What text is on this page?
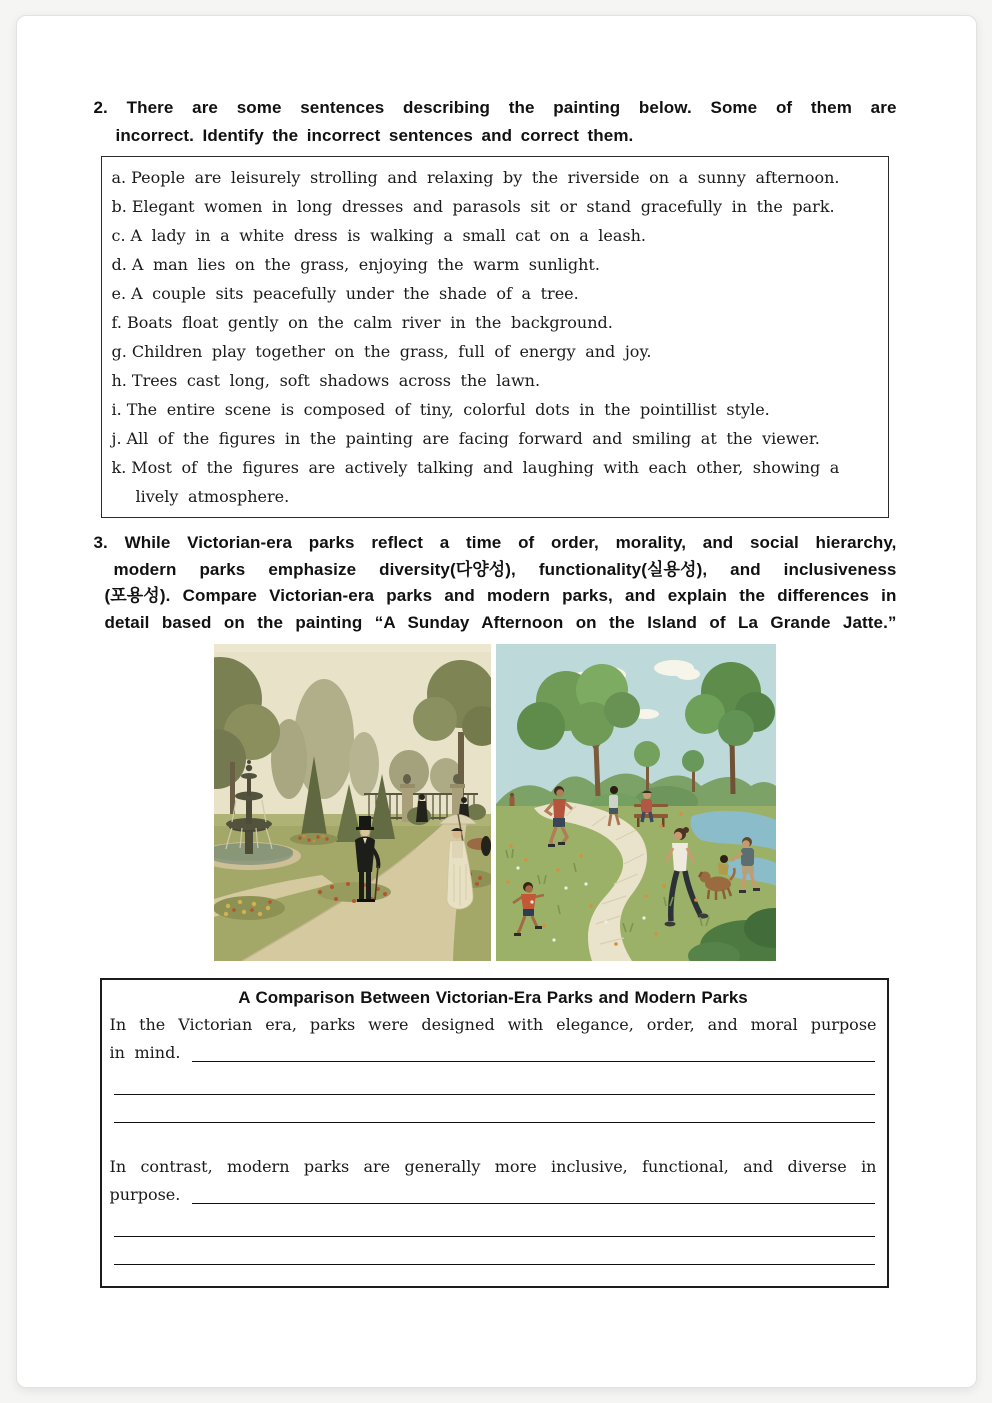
2. There are some sentences describing the painting below. Some of them are
incorrect. Identify the incorrect sentences and correct them.
a. People are leisurely strolling and relaxing by the riverside on a sunny afternoon.
b. Elegant women in long dresses and parasols sit or stand gracefully in the park.
c. A lady in a white dress is walking a small cat on a leash.
d. A man lies on the grass, enjoying the warm sunlight.
e. A couple sits peacefully under the shade of a tree.
f. Boats float gently on the calm river in the background.
g. Children play together on the grass, full of energy and joy.
h. Trees cast long, soft shadows across the lawn.
i. The entire scene is composed of tiny, colorful dots in the pointillist style.
j. All of the figures in the painting are facing forward and smiling at the viewer.
k. Most of the figures are actively talking and laughing with each other, showing a lively atmosphere.
3. While Victorian-era parks reflect a time of order, morality, and social hierarchy,
modern parks emphasize diversity(다양성), functionality(실용성), and inclusiveness
(포용성). Compare Victorian-era parks and modern parks, and explain the differences in
detail based on the painting “A Sunday Afternoon on the Island of La Grande Jatte.”
A Comparison Between Victorian-Era Parks and Modern Parks
In the Victorian era, parks were designed with elegance, order, and moral purpose
in mind.
In contrast, modern parks are generally more inclusive, functional, and diverse in
purpose.
